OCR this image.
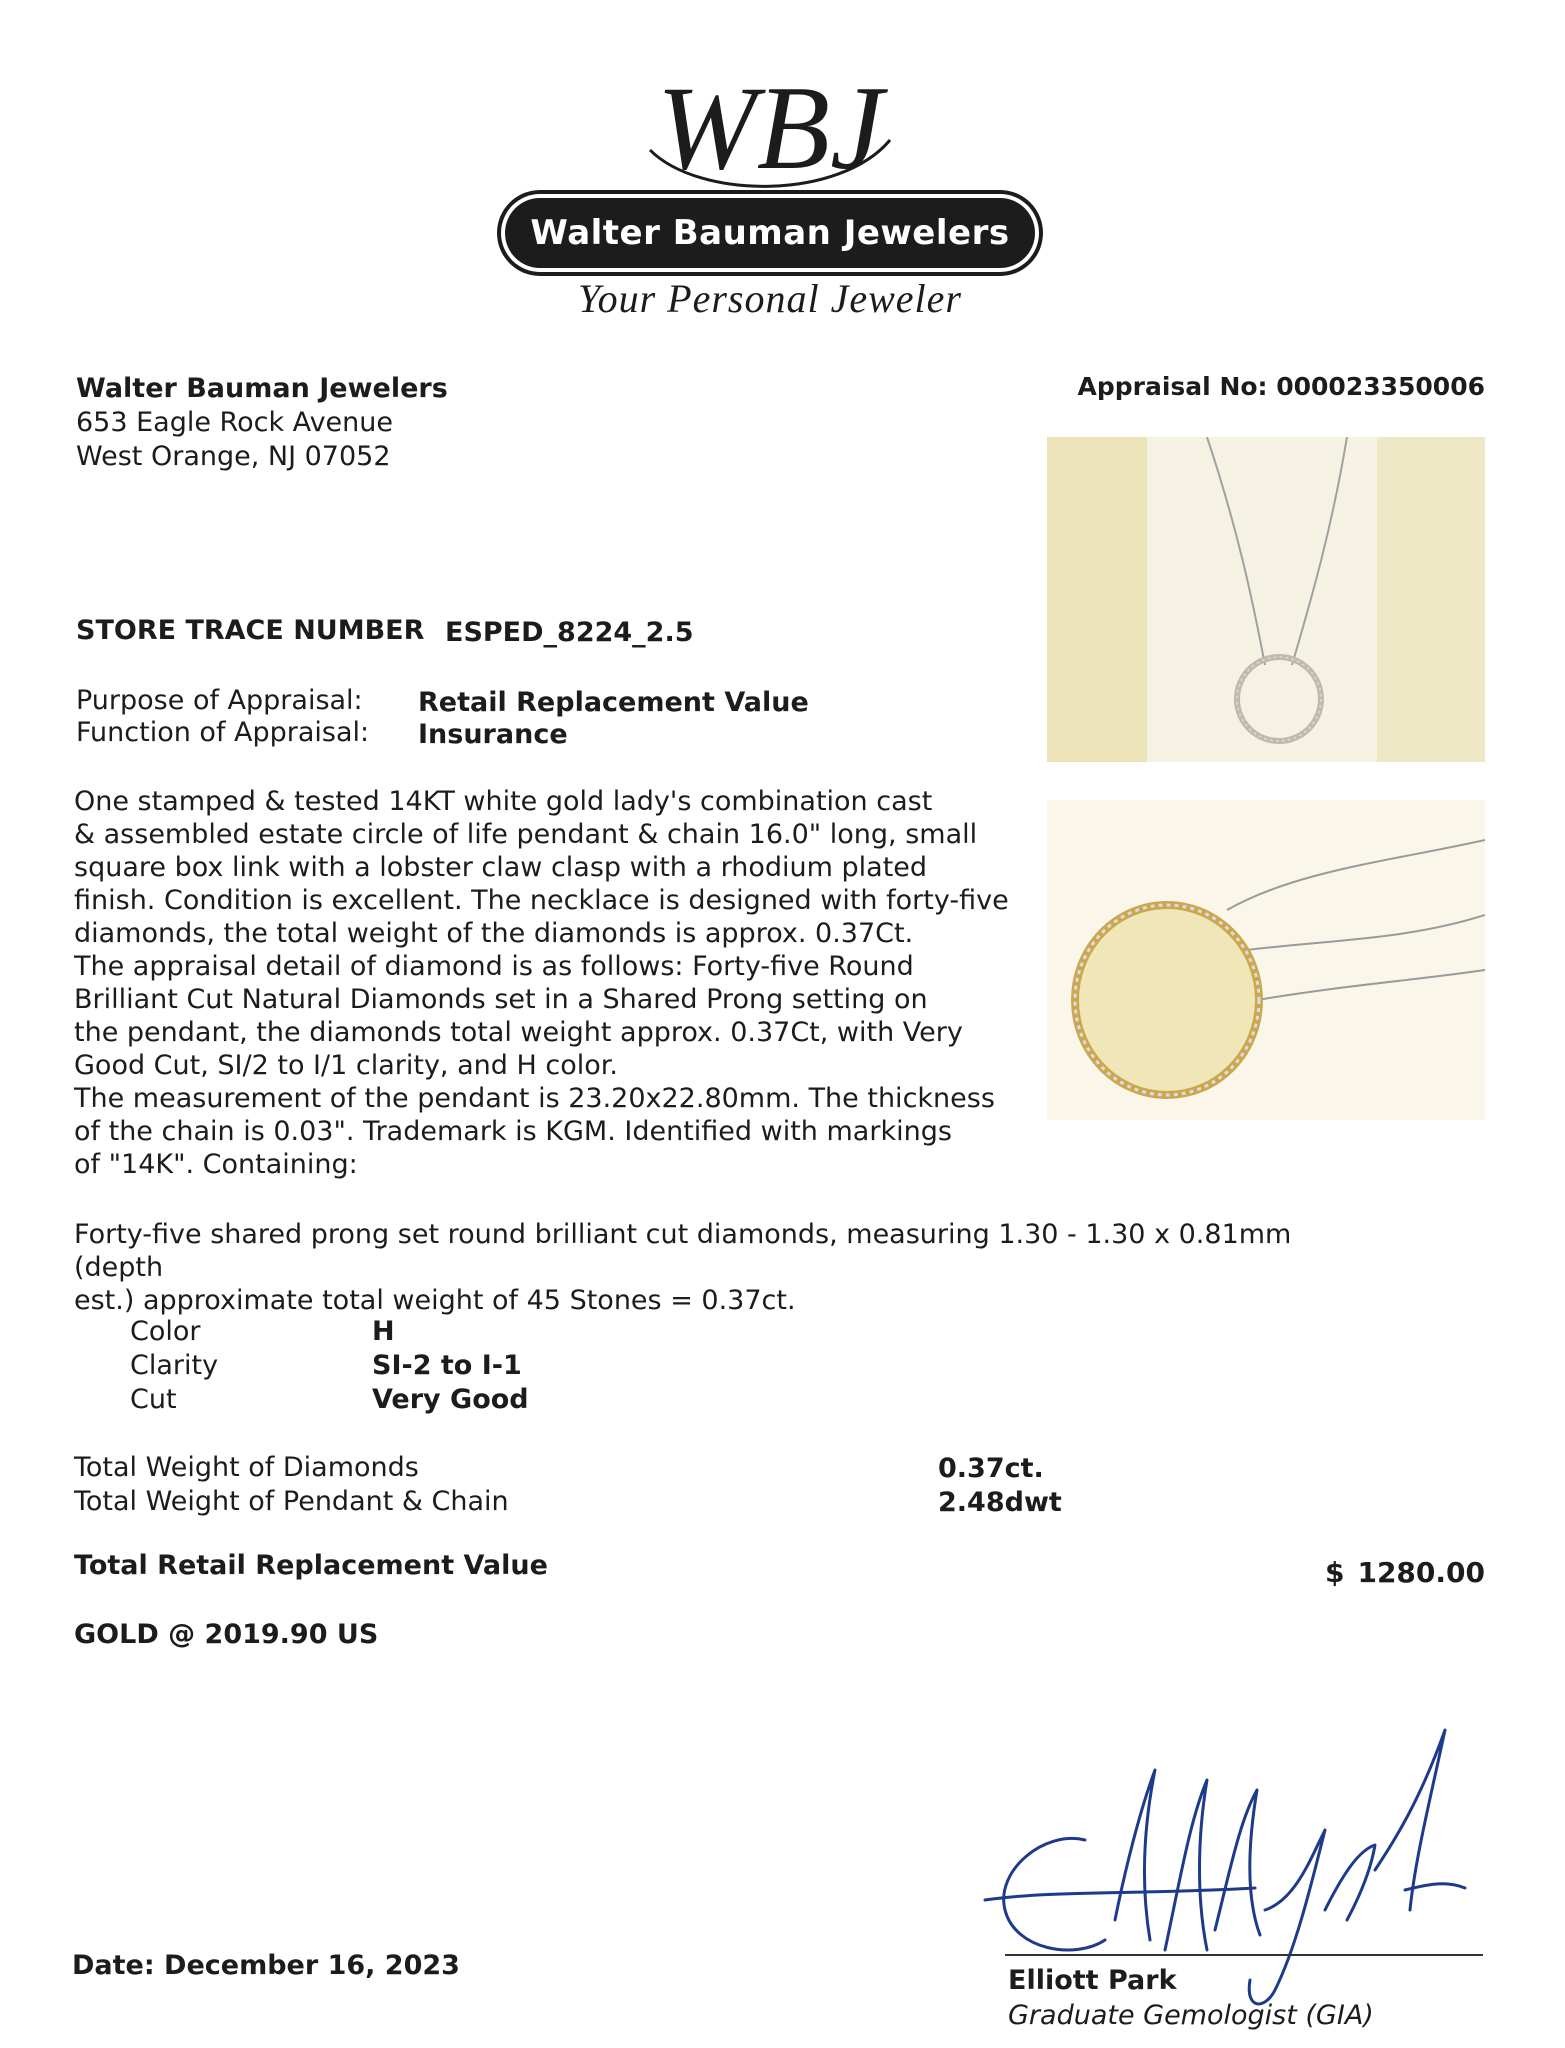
WBJ
Walter Bauman Jewelers
Your Personal Jeweler
Walter Bauman Jewelers
653 Eagle Rock Avenue
West Orange, NJ 07052
Appraisal No: 000023350006
STORE TRACE NUMBER ESPED_8224_2.5
Purpose of Appraisal: Retail Replacement Value
Function of Appraisal: Insurance
One stamped & tested 14KT white gold lady's combination cast
& assembled estate circle of life pendant & chain 16.0" long, small
square box link with a lobster claw clasp with a rhodium plated
finish. Condition is excellent. The necklace is designed with forty-five
diamonds, the total weight of the diamonds is approx. 0.37Ct.
The appraisal detail of diamond is as follows: Forty-five Round
Brilliant Cut Natural Diamonds set in a Shared Prong setting on
the pendant, the diamonds total weight approx. 0.37Ct, with Very
Good Cut, SI/2 to I/1 clarity, and H color.
The measurement of the pendant is 23.20x22.80mm. The thickness
of the chain is 0.03". Trademark is KGM. Identified with markings
of "14K". Containing:
Forty-five shared prong set round brilliant cut diamonds, measuring 1.30 - 1.30 x 0.81mm (depth
est.) approximate total weight of 45 Stones = 0.37ct.
Color	H
Clarity	SI-2 to I-1
Cut	Very Good
Total Weight of Diamonds	0.37ct.
Total Weight of Pendant & Chain	2.48dwt
Total Retail Replacement Value	$ 1280.00
GOLD @ 2019.90 US
Elliott Park
Graduate Gemologist (GIA)
Date: December 16, 2023
